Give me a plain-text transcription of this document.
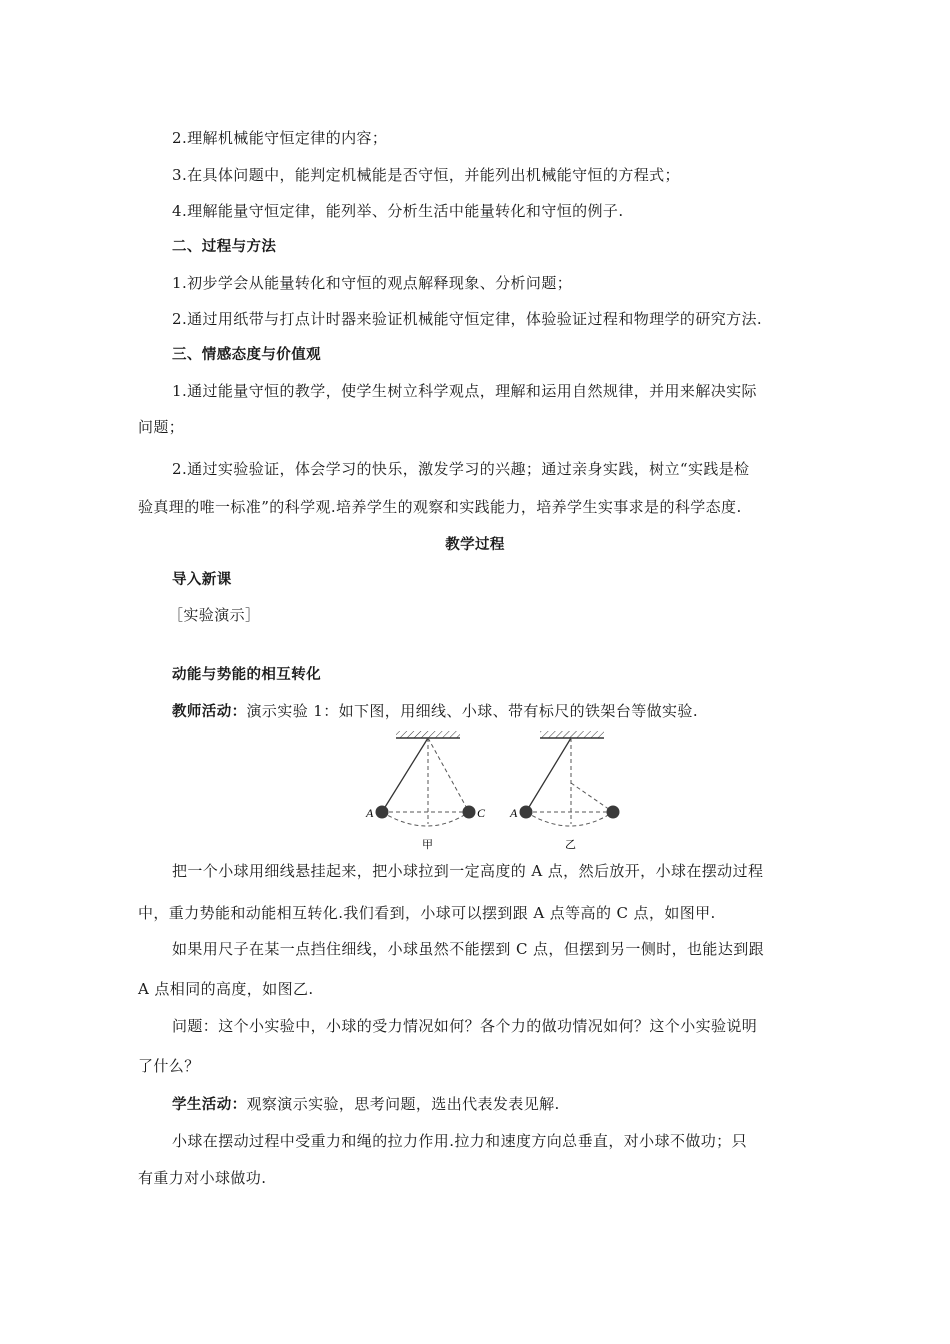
2.理解机械能守恒定律的内容；
3.在具体问题中，能判定机械能是否守恒，并能列出机械能守恒的方程式；
4.理解能量守恒定律，能列举、分析生活中能量转化和守恒的例子.
二、过程与方法
1.初步学会从能量转化和守恒的观点解释现象、分析问题；
2.通过用纸带与打点计时器来验证机械能守恒定律，体验验证过程和物理学的研究方法.
三、情感态度与价值观
1.通过能量守恒的教学，使学生树立科学观点，理解和运用自然规律，并用来解决实际
问题；
2.通过实验验证，体会学习的快乐，激发学习的兴趣；通过亲身实践，树立“实践是检
验真理的唯一标准”的科学观.培养学生的观察和实践能力，培养学生实事求是的科学态度.
教学过程
导入新课
［实验演示］
动能与势能的相互转化
教师活动：演示实验 1：如下图，用细线、小球、带有标尺的铁架台等做实验.
A	C
甲
A
乙
把一个小球用细线悬挂起来，把小球拉到一定高度的 A 点，然后放开，小球在摆动过程
中，重力势能和动能相互转化.我们看到，小球可以摆到跟 A 点等高的 C 点，如图甲.
如果用尺子在某一点挡住细线，小球虽然不能摆到 C 点，但摆到另一侧时，也能达到跟
A 点相同的高度，如图乙.
问题：这个小实验中，小球的受力情况如何？各个力的做功情况如何？这个小实验说明
了什么？
学生活动：观察演示实验，思考问题，选出代表发表见解.
小球在摆动过程中受重力和绳的拉力作用.拉力和速度方向总垂直，对小球不做功；只
有重力对小球做功.
